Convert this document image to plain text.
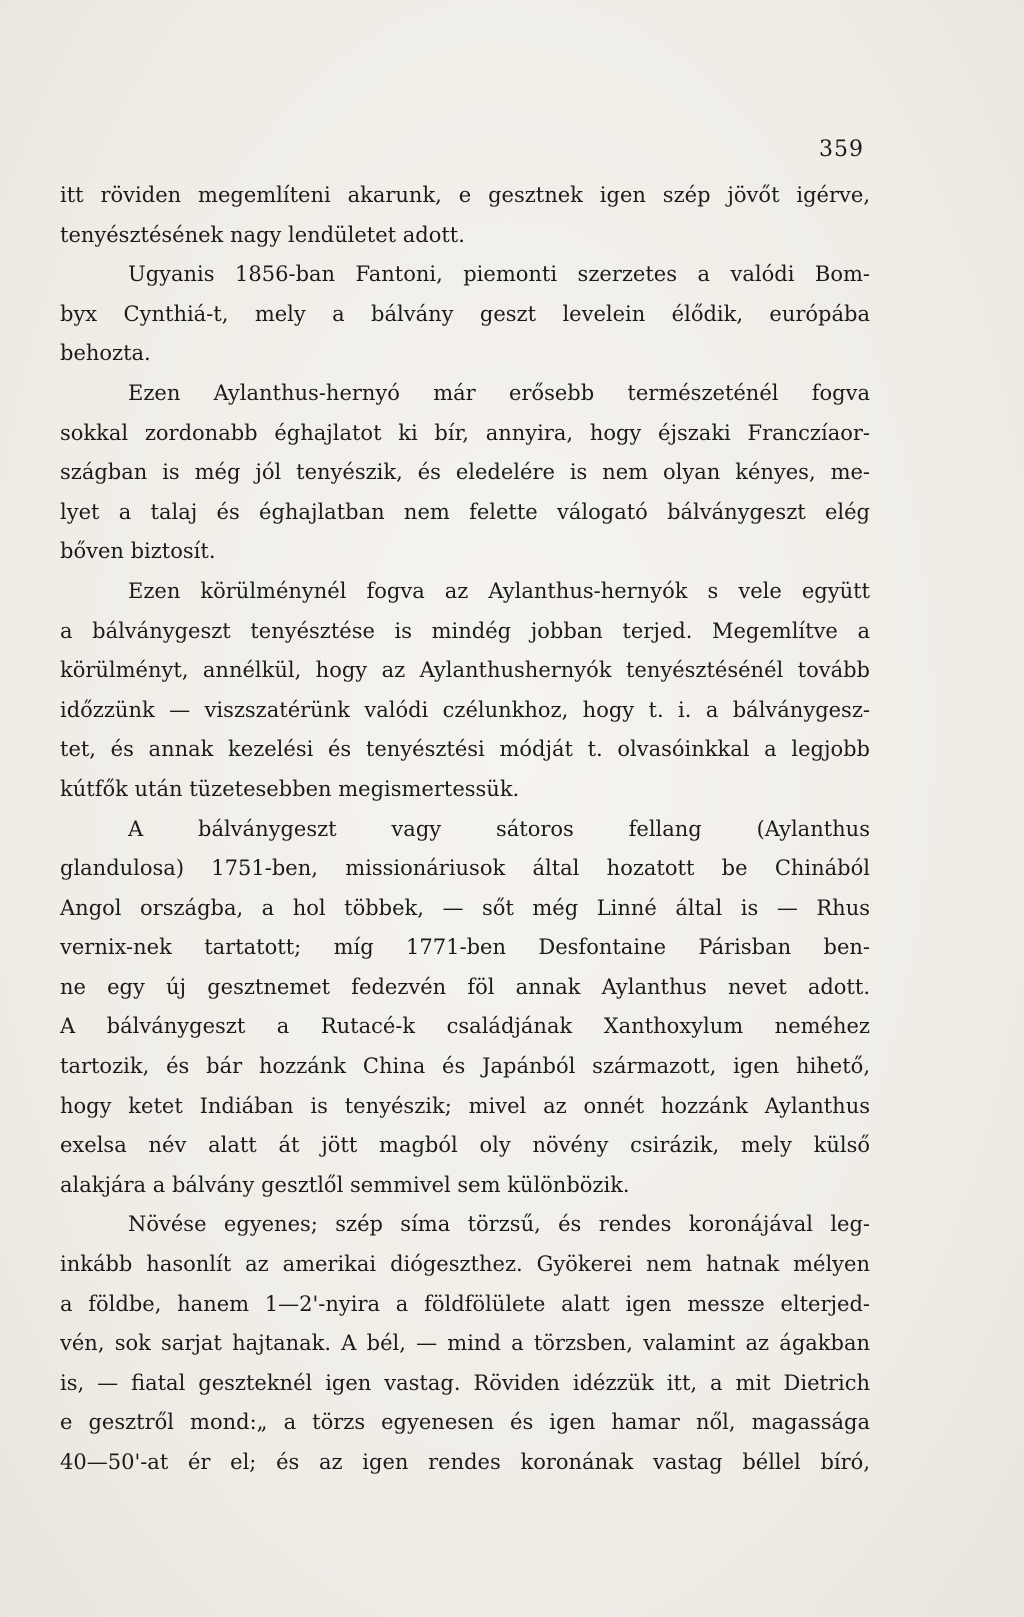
359
itt röviden megemlíteni akarunk, e gesztnek igen szép jövőt igérve,
tenyésztésének nagy lendületet adott.
Ugyanis 1856-ban Fantoni, piemonti szerzetes a valódi Bom-
byx Cynthiá-t, mely a bálvány geszt levelein élődik, európába
behozta.
Ezen Aylanthus-hernyó már erősebb természeténél fogva
sokkal zordonabb éghajlatot ki bír, annyira, hogy éjszaki Franczíaor-
szágban is még jól tenyészik, és eledelére is nem olyan kényes, me-
lyet a talaj és éghajlatban nem felette válogató bálványgeszt elég
bőven biztosít.
Ezen körülménynél fogva az Aylanthus-hernyók s vele együtt
a bálványgeszt tenyésztése is mindég jobban terjed. Megemlítve a
körülményt, annélkül, hogy az Aylanthushernyók tenyésztésénél tovább
időzzünk — viszszatérünk valódi czélunkhoz, hogy t. i. a bálványgesz-
tet, és annak kezelési és tenyésztési módját t. olvasóinkkal a legjobb
kútfők után tüzetesebben megismertessük.
A bálványgeszt vagy sátoros fellang (Aylanthus
glandulosa) 1751-ben, missionáriusok által hozatott be Chinából
Angol országba, a hol többek, — sőt még Linné által is — Rhus
vernix-nek tartatott; míg 1771-ben Desfontaine Párisban ben-
ne egy új gesztnemet fedezvén föl annak Aylanthus nevet adott.
A bálványgeszt a Rutacé-k családjának Xanthoxylum neméhez
tartozik, és bár hozzánk China és Japánból származott, igen hihető,
hogy ketet Indiában is tenyészik; mivel az onnét hozzánk Aylanthus
exelsa név alatt át jött magból oly növény csirázik, mely külső
alakjára a bálvány gesztlől semmivel sem különbözik.
Növése egyenes; szép síma törzsű, és rendes koronájával leg-
inkább hasonlít az amerikai diógeszthez. Gyökerei nem hatnak mélyen
a földbe, hanem 1—2'-nyira a földfölülete alatt igen messze elterjed-
vén, sok sarjat hajtanak. A bél, — mind a törzsben, valamint az ágakban
is, — fiatal geszteknél igen vastag. Röviden idézzük itt, a mit Dietrich
e gesztről mond:„ a törzs egyenesen és igen hamar nől, magassága
40—50'-at ér el; és az igen rendes koronának vastag béllel bíró,
